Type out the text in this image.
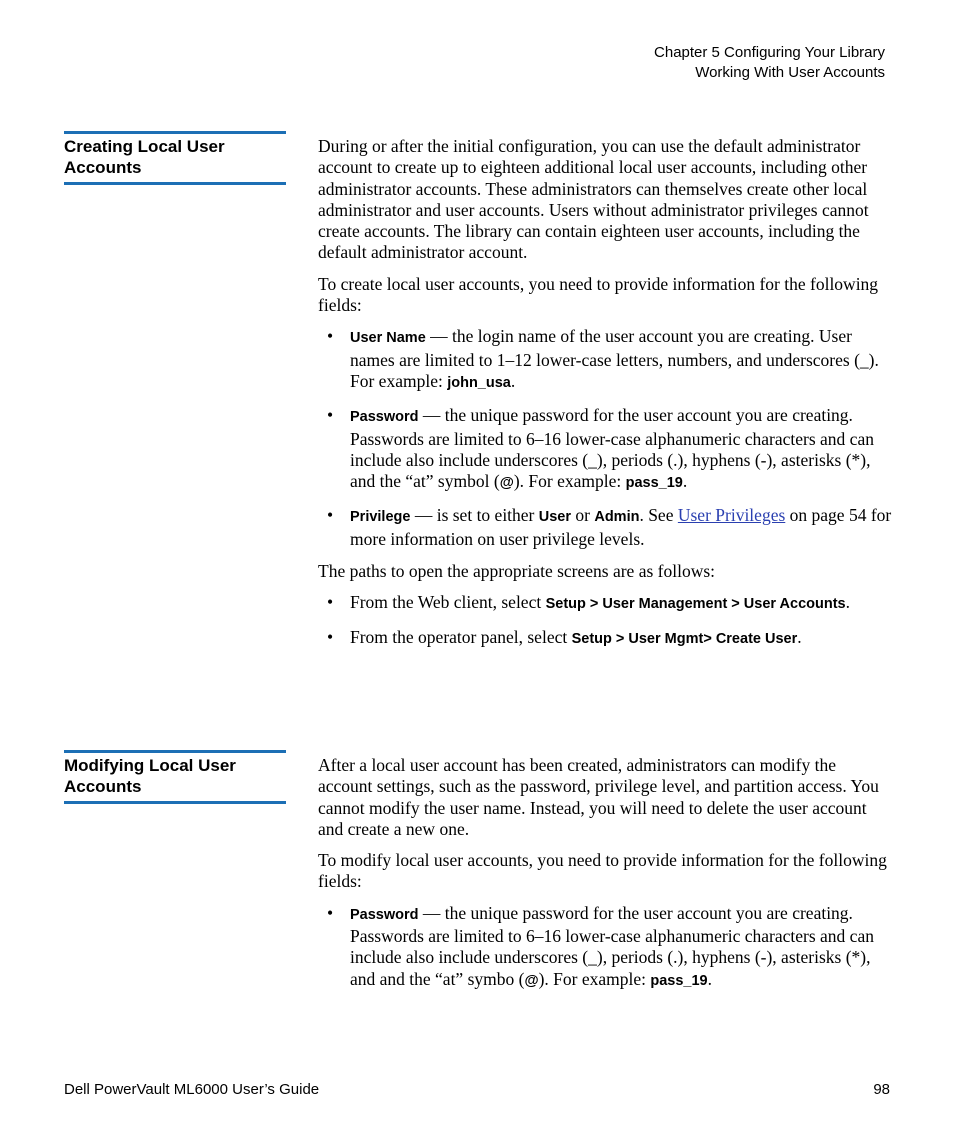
Chapter 5 Configuring Your Library
Working With User Accounts
Creating Local User Accounts

During or after the initial configuration, you can use the default administrator account to create up to eighteen additional local user accounts, including other administrator accounts. These administrators can themselves create other local administrator and user accounts. Users without administrator privileges cannot create accounts. The library can contain eighteen user accounts, including the default administrator account.

To create local user accounts, you need to provide information for the following fields:

• User Name — the login name of the user account you are creating. User names are limited to 1–12 lower-case letters, numbers, and underscores (_). For example: john_usa.
• Password — the unique password for the user account you are creating. Passwords are limited to 6–16 lower-case alphanumeric characters and can include also include underscores (_), periods (.), hyphens (-), asterisks (*), and the “at” symbol (@). For example: pass_19.
• Privilege — is set to either User or Admin. See User Privileges on page 54 for more information on user privilege levels.

The paths to open the appropriate screens are as follows:

• From the Web client, select Setup > User Management > User Accounts.
• From the operator panel, select Setup > User Mgmt> Create User.
Modifying Local User Accounts

After a local user account has been created, administrators can modify the account settings, such as the password, privilege level, and partition access. You cannot modify the user name. Instead, you will need to delete the user account and create a new one.

To modify local user accounts, you need to provide information for the following fields:

• Password — the unique password for the user account you are creating. Passwords are limited to 6–16 lower-case alphanumeric characters and can include also include underscores (_), periods (.), hyphens (-), asterisks (*), and and the “at” symbo (@). For example: pass_19.
Dell PowerVault ML6000 User’s Guide	98
